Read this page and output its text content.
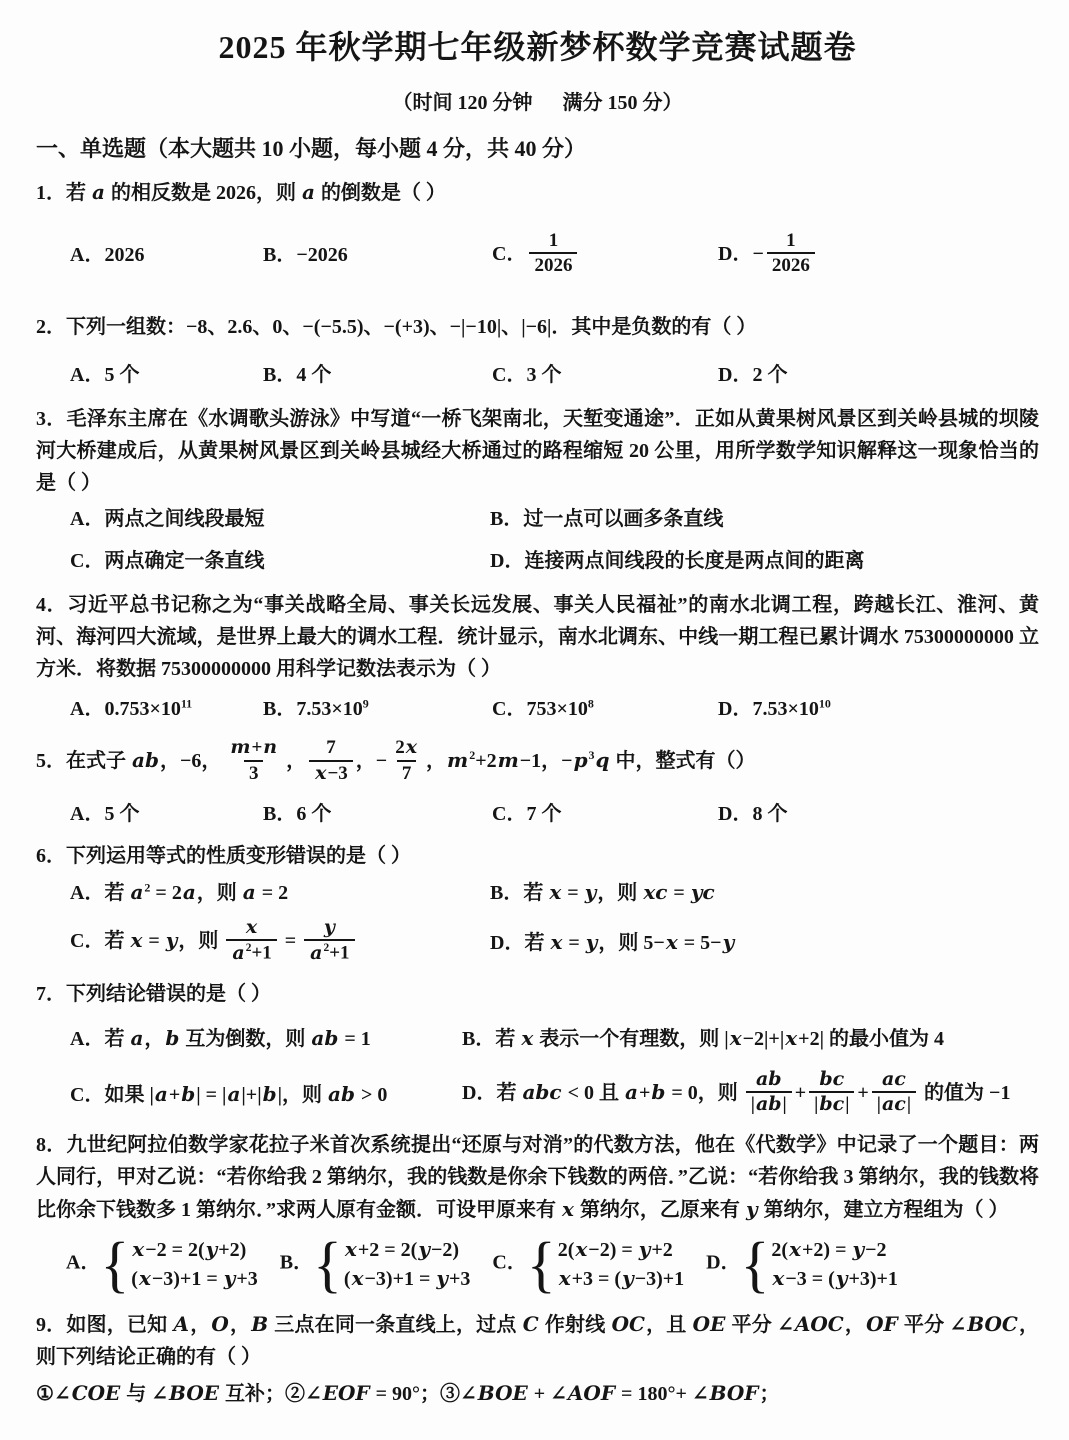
2025 年秋学期七年级新梦杯数学竞赛试题卷
（时间 120 分钟      满分 150 分）
一、单选题（本大题共 10 小题，每小题 4 分，共 40 分）
1．若 a 的相反数是 2026，则 a 的倒数是（ ）
A．2026	B．−2026	C． $\frac{1}{2026}$	D．− $\frac{1}{2026}$
2．下列一组数：−8、2.6、0、−(−5.5)、−(+3)、−|−10|、|−6|．其中是负数的有（ ）
A．5 个	B．4 个	C．3 个	D．2 个
3．毛泽东主席在《水调歌头游泳》中写道“一桥飞架南北，天堑变通途”．正如从黄果树风景区到关岭县城的坝陵河大桥建成后，从黄果树风景区到关岭县城经大桥通过的路程缩短 20 公里，用所学数学知识解释这一现象恰当的是（ ）
A．两点之间线段最短	B．过一点可以画多条直线
C．两点确定一条直线	D．连接两点间线段的长度是两点间的距离
4．习近平总书记称之为“事关战略全局、事关长远发展、事关人民福祉”的南水北调工程，跨越长江、淮河、黄河、海河四大流域，是世界上最大的调水工程．统计显示，南水北调东、中线一期工程已累计调水 75300000000 立方米．将数据 75300000000 用科学记数法表示为（ ）
A．$0.753\times 10^{11}$	B．$7.53\times 10^9$	C．$753\times 10^8$	D．$7.53\times 10^{10}$
5．在式子 ab，−6， $\frac{m+n}{3}$ ， $\frac{7}{x-3}$ ，− $\frac{2x}{7}$ ，$m^2+2m-1$，$-p^3q$ 中，整式有（）
A．5 个	B．6 个	C．7 个	D．8 个
6．下列运用等式的性质变形错误的是（ ）
A．若 $a^2 = 2a$，则 a = 2	B．若 x = y，则 xc = yc
C．若 x = y，则 $\frac{x}{a^2+1} = \frac{y}{a^2+1}$	D．若 x = y，则 5−x = 5−y
7．下列结论错误的是（ ）
A．若 a，b 互为倒数，则 ab = 1	B．若 x 表示一个有理数，则 |x−2|+|x+2| 的最小值为 4
C．如果 |a+b| = |a|+|b|，则 ab > 0	D．若 abc < 0 且 a+b = 0，则 $\frac{ab}{|ab|} + \frac{bc}{|bc|} + \frac{ac}{|ac|}$ 的值为 −1
8．九世纪阿拉伯数学家花拉子米首次系统提出“还原与对消”的代数方法，他在《代数学》中记录了一个题目：两人同行，甲对乙说：“若你给我 2 第纳尔，我的钱数是你余下钱数的两倍．”乙说：“若你给我 3 第纳尔，我的钱数将比你余下钱数多 1 第纳尔．”求两人原有金额．可设甲原来有 x 第纳尔，乙原来有 y 第纳尔，建立方程组为（ ）
A． { x−2 = 2(y+2)
(x−3)+1 = y+3
B． { x+2 = 2(y−2)
(x−3)+1 = y+3
C． { 2(x−2) = y+2
x+3 = (y−3)+1
D． { 2(x+2) = y−2
x−3 = (y+3)+1
9．如图，已知 A，O，B 三点在同一条直线上，过点 C 作射线 OC，且 OE 平分 ∠AOC，OF 平分 ∠BOC，则下列结论正确的有（ ）
①∠COE 与 ∠BOE 互补；②∠EOF = 90°；③∠BOE + ∠AOF = 180°+ ∠BOF；
